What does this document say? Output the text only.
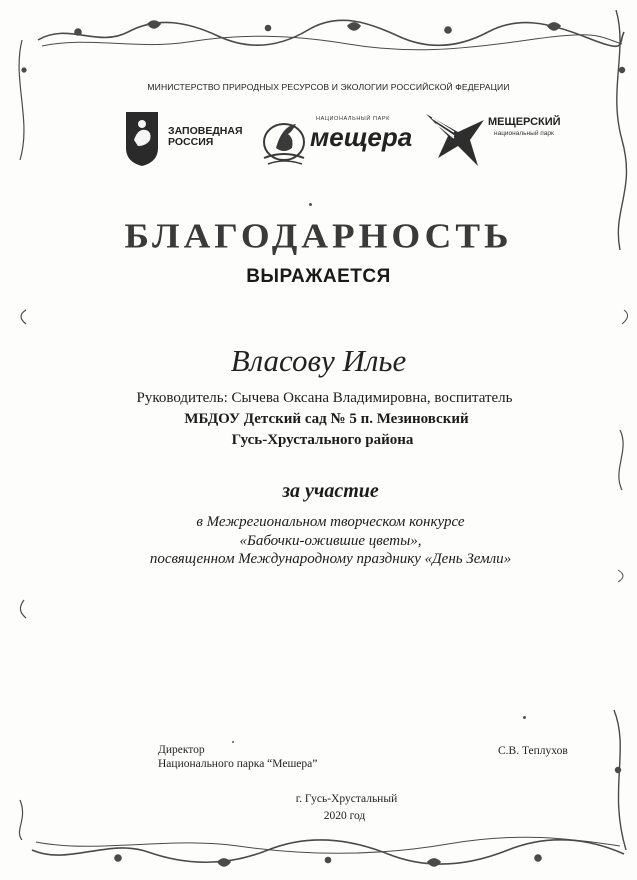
МИНИСТЕРСТВО ПРИРОДНЫХ РЕСУРСОВ И ЭКОЛОГИИ РОССИЙСКОЙ ФЕДЕРАЦИИ
ЗАПОВЕДНАЯ
РОССИЯ
НАЦИОНАЛЬНЫЙ ПАРК
мещера	МЕЩЕРСКИЙ
национальный парк
БЛАГОДАРНОСТЬ
ВЫРАЖАЕТСЯ
Власову Илье
Руководитель: Сычева Оксана Владимировна, воспитатель
МБДОУ Детский сад № 5 п. Мезиновский
Гусь-Хрустального района
за участие
в Межрегиональном творческом конкурсе
«Бабочки-ожившие цветы»,
посвященном Международному празднику «День Земли»
Директор
Национального парка “Мешера”
С.В. Теплухов
г. Гусь-Хрустальный
2020 год
